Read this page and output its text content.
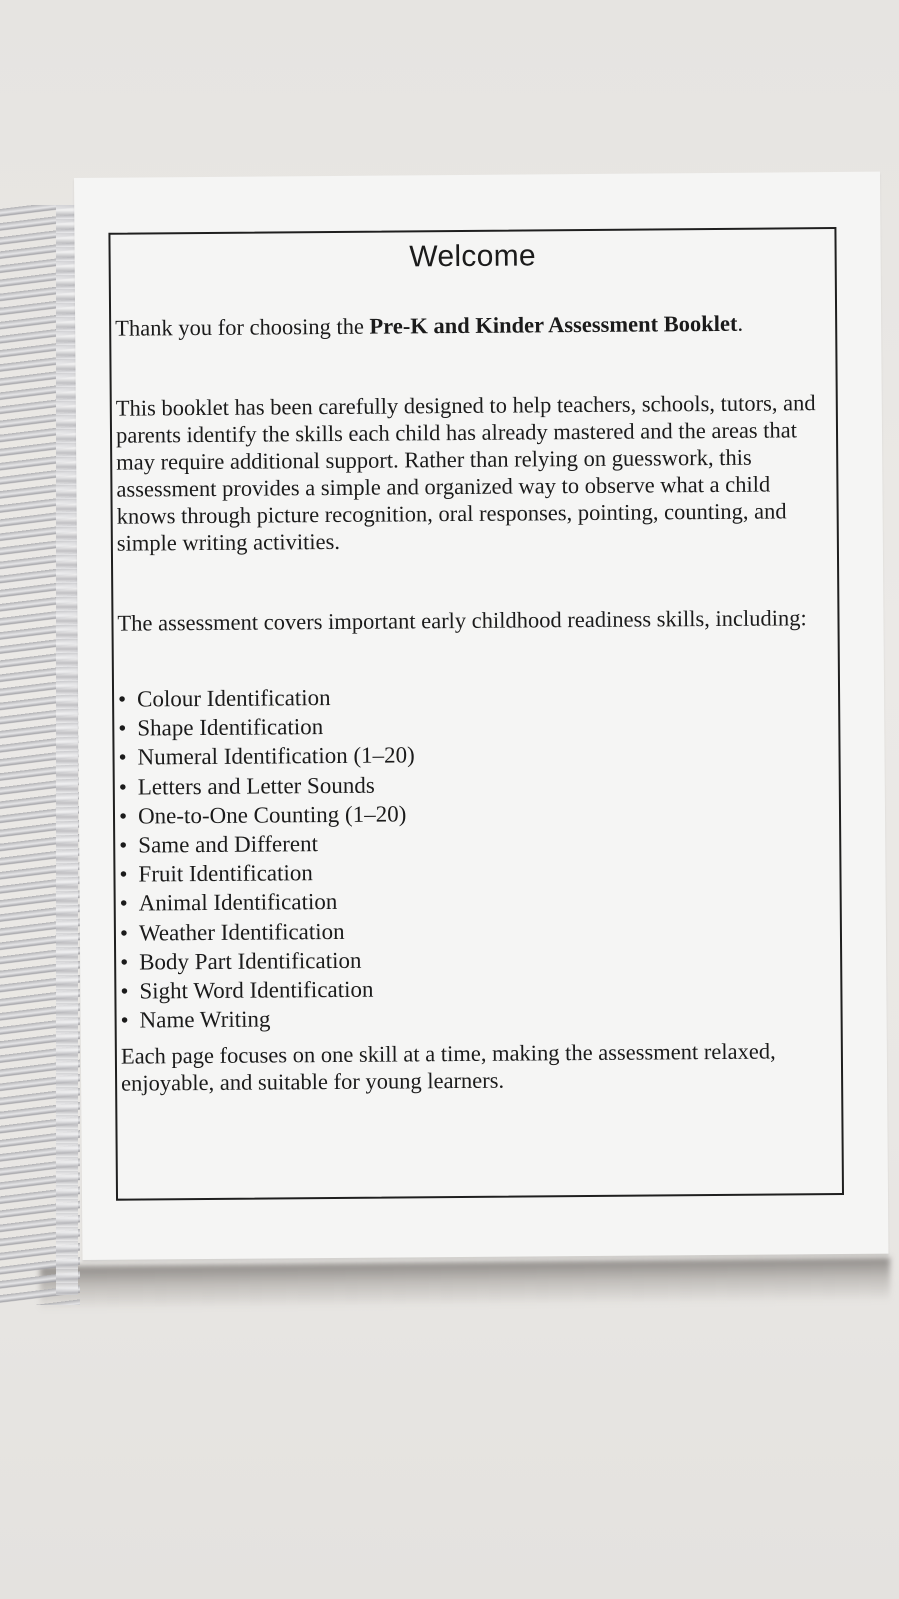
Welcome
Thank you for choosing the Pre-K and Kinder Assessment Booklet.
This booklet has been carefully designed to help teachers, schools, tutors, and parents identify the skills each child has already mastered and the areas that may require additional support. Rather than relying on guesswork, this assessment provides a simple and organized way to observe what a child knows through picture recognition, oral responses, pointing, counting, and simple writing activities.
The assessment covers important early childhood readiness skills, including:
• Colour Identification
• Shape Identification
• Numeral Identification (1–20)
• Letters and Letter Sounds
• One-to-One Counting (1–20)
• Same and Different
• Fruit Identification
• Animal Identification
• Weather Identification
• Body Part Identification
• Sight Word Identification
• Name Writing
Each page focuses on one skill at a time, making the assessment relaxed, enjoyable, and suitable for young learners.
